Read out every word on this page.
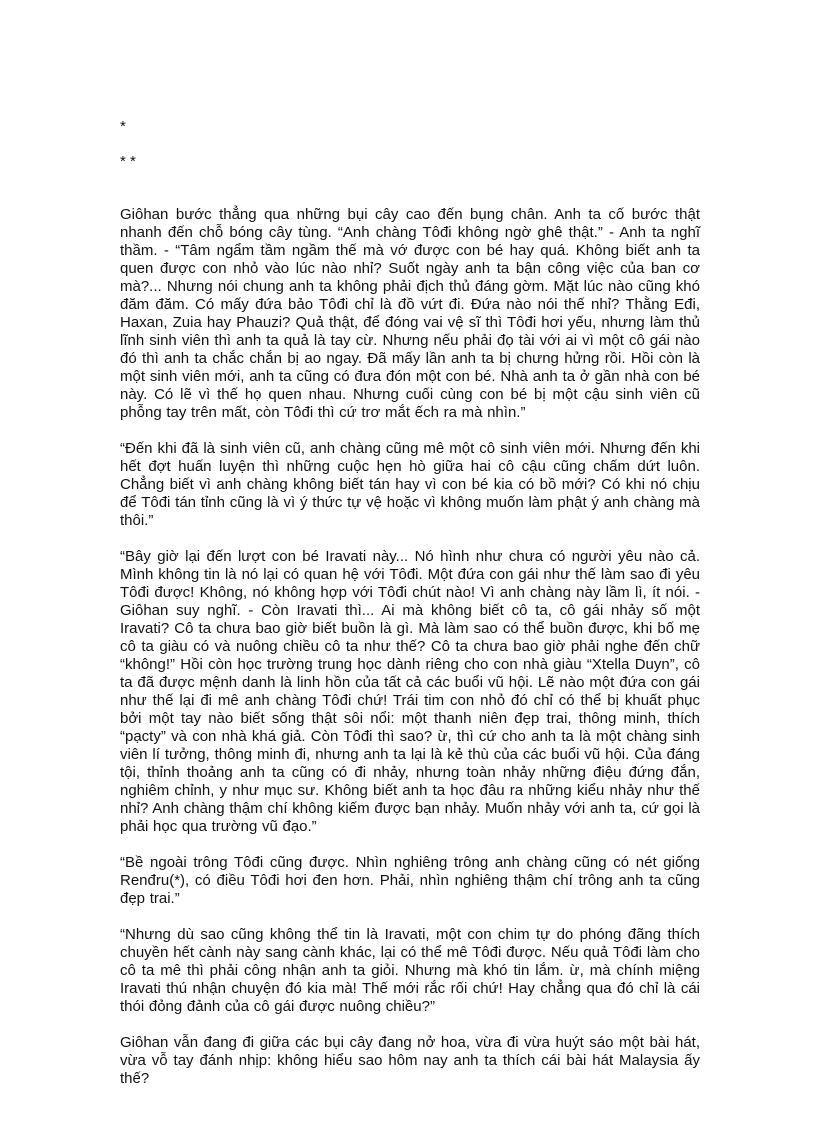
*

* *

Giôhan bước thẳng qua những bụi cây cao đến bụng chân. Anh ta cố bước thật nhanh đến chỗ bóng cây tùng. “Anh chàng Tôđi không ngờ ghê thật.” - Anh ta nghĩ thầm. - “Tâm ngẩm tầm ngầm thế mà vớ được con bé hay quá. Không biết anh ta quen được con nhỏ vào lúc nào nhỉ? Suốt ngày anh ta bận công việc của ban cơ mà?... Nhưng nói chung anh ta không phải địch thủ đáng gờm. Mặt lúc nào cũng khó đăm đăm. Có mấy đứa bảo Tôđi chỉ là đồ vứt đi. Đứa nào nói thế nhỉ? Thằng Eđi, Haxan, Zuia hay Phauzi? Quả thật, để đóng vai vệ sĩ thì Tôđi hơi yếu, nhưng làm thủ lĩnh sinh viên thì anh ta quả là tay cừ. Nhưng nếu phải đọ tài với ai vì một cô gái nào đó thì anh ta chắc chắn bị ao ngay. Đã mấy lần anh ta bị chưng hửng rồi. Hồi còn là một sinh viên mới, anh ta cũng có đưa đón một con bé. Nhà anh ta ở gần nhà con bé này. Có lẽ vì thế họ quen nhau. Nhưng cuối cùng con bé bị một cậu sinh viên cũ phỗng tay trên mất, còn Tôđi thì cứ trơ mắt ếch ra mà nhìn.”

“Đến khi đã là sinh viên cũ, anh chàng cũng mê một cô sinh viên mới. Nhưng đến khi hết đợt huấn luyện thì những cuộc hẹn hò giữa hai cô cậu cũng chấm dứt luôn. Chẳng biết vì anh chàng không biết tán hay vì con bé kia có bồ mới? Có khi nó chịu để Tôđi tán tỉnh cũng là vì ý thức tự vệ hoặc vì không muốn làm phật ý anh chàng mà thôi.”

“Bây giờ lại đến lượt con bé Iravati này... Nó hình như chưa có người yêu nào cả. Mình không tin là nó lại có quan hệ với Tôđi. Một đứa con gái như thế làm sao đi yêu Tôđi được! Không, nó không hợp với Tôđi chút nào! Vì anh chàng này lầm lì, ít nói. - Giôhan suy nghĩ. - Còn Iravati thì... Ai mà không biết cô ta, cô gái nhảy số một Iravati? Cô ta chưa bao giờ biết buồn là gì. Mà làm sao có thể buồn được, khi bố mẹ cô ta giàu có và nuông chiều cô ta như thế? Cô ta chưa bao giờ phải nghe đến chữ “không!” Hồi còn học trường trung học dành riêng cho con nhà giàu “Xtella Duyn”, cô ta đã được mệnh danh là linh hồn của tất cả các buổi vũ hội. Lẽ nào một đứa con gái như thế lại đi mê anh chàng Tôđi chứ! Trái tim con nhỏ đó chỉ có thể bị khuất phục bởi một tay nào biết sống thật sôi nổi: một thanh niên đẹp trai, thông minh, thích “pạcty” và con nhà khá giả. Còn Tôđi thì sao? ừ, thì cứ cho anh ta là một chàng sinh viên lí tưởng, thông minh đi, nhưng anh ta lại là kẻ thù của các buổi vũ hội. Của đáng tội, thỉnh thoảng anh ta cũng có đi nhảy, nhưng toàn nhảy những điệu đứng đắn, nghiêm chỉnh, y như mục sư. Không biết anh ta học đâu ra những kiểu nhảy như thế nhỉ? Anh chàng thậm chí không kiếm được bạn nhảy. Muốn nhảy với anh ta, cứ gọi là phải học qua trường vũ đạo.”

“Bề ngoài trông Tôđi cũng được. Nhìn nghiêng trông anh chàng cũng có nét giống Renđru(*), có điều Tôđi hơi đen hơn. Phải, nhìn nghiêng thậm chí trông anh ta cũng đẹp trai.”

“Nhưng dù sao cũng không thể tin là Iravati, một con chim tự do phóng đãng thích chuyền hết cành này sang cành khác, lại có thể mê Tôđi được. Nếu quả Tôđi làm cho cô ta mê thì phải công nhận anh ta giỏi. Nhưng mà khó tin lắm. ừ, mà chính miệng Iravati thú nhận chuyện đó kia mà! Thế mới rắc rối chứ! Hay chẳng qua đó chỉ là cái thói đỏng đảnh của cô gái được nuông chiều?”

Giôhan vẫn đang đi giữa các bụi cây đang nở hoa, vừa đi vừa huýt sáo một bài hát, vừa vỗ tay đánh nhịp: không hiểu sao hôm nay anh ta thích cái bài hát Malaysia ấy thế?
